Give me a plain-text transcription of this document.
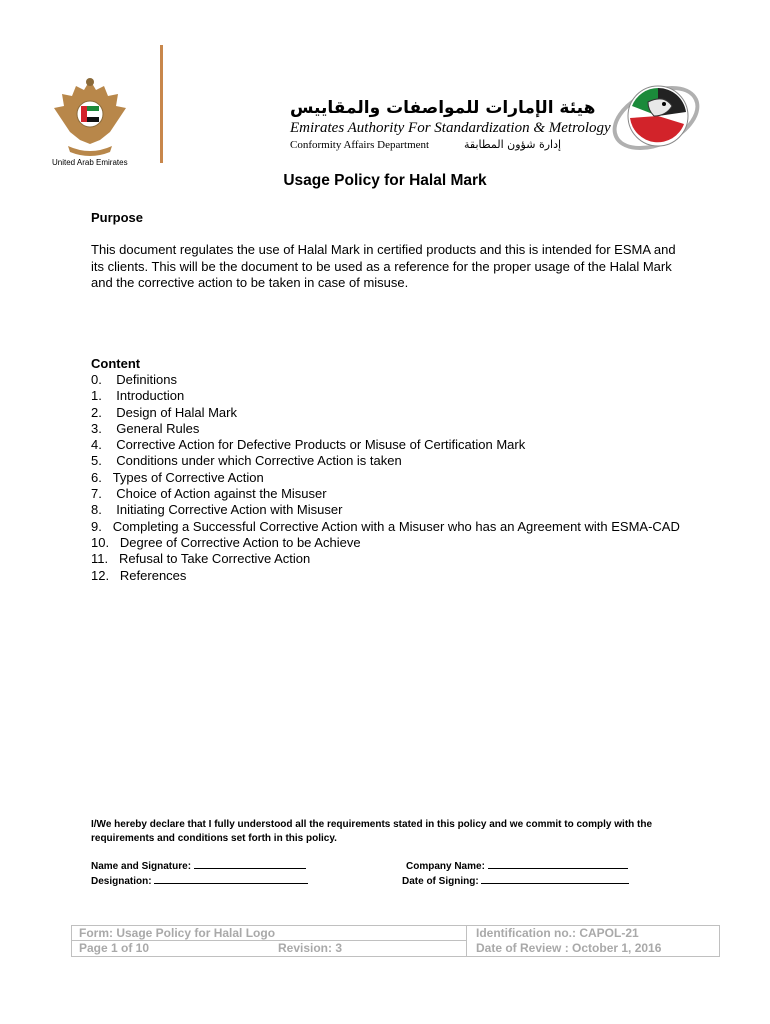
United Arab Emirates
هيئة الإمارات للمواصفات والمقاييس
Emirates Authority For Standardization & Metrology
Conformity Affairs Department	إدارة شؤون المطابقة
Usage Policy for Halal Mark
Purpose
This document regulates the use of Halal Mark in certified products and this is intended for ESMA and its clients. This will be the document to be used as a reference for the proper usage of the Halal Mark and the corrective action to be taken in case of misuse.
Content
0. Definitions
1. Introduction
2. Design of Halal Mark
3. General Rules
4. Corrective Action for Defective Products or Misuse of Certification Mark
5. Conditions under which Corrective Action is taken
6. Types of Corrective Action
7. Choice of Action against the Misuser
8. Initiating Corrective Action with Misuser
9. Completing a Successful Corrective Action with a Misuser who has an Agreement with ESMA-CAD
10. Degree of Corrective Action to be Achieve
11. Refusal to Take Corrective Action
12. References
I/We hereby declare that I fully understood all the requirements stated in this policy and we commit to comply with the requirements and conditions set forth in this policy.
Name and Signature:
Designation:
Company Name:
Date of Signing:
Form: Usage Policy for Halal Logo
Page 1 of 10	Revision: 3
Identification no.: CAPOL-21
Date of Review : October 1, 2016
